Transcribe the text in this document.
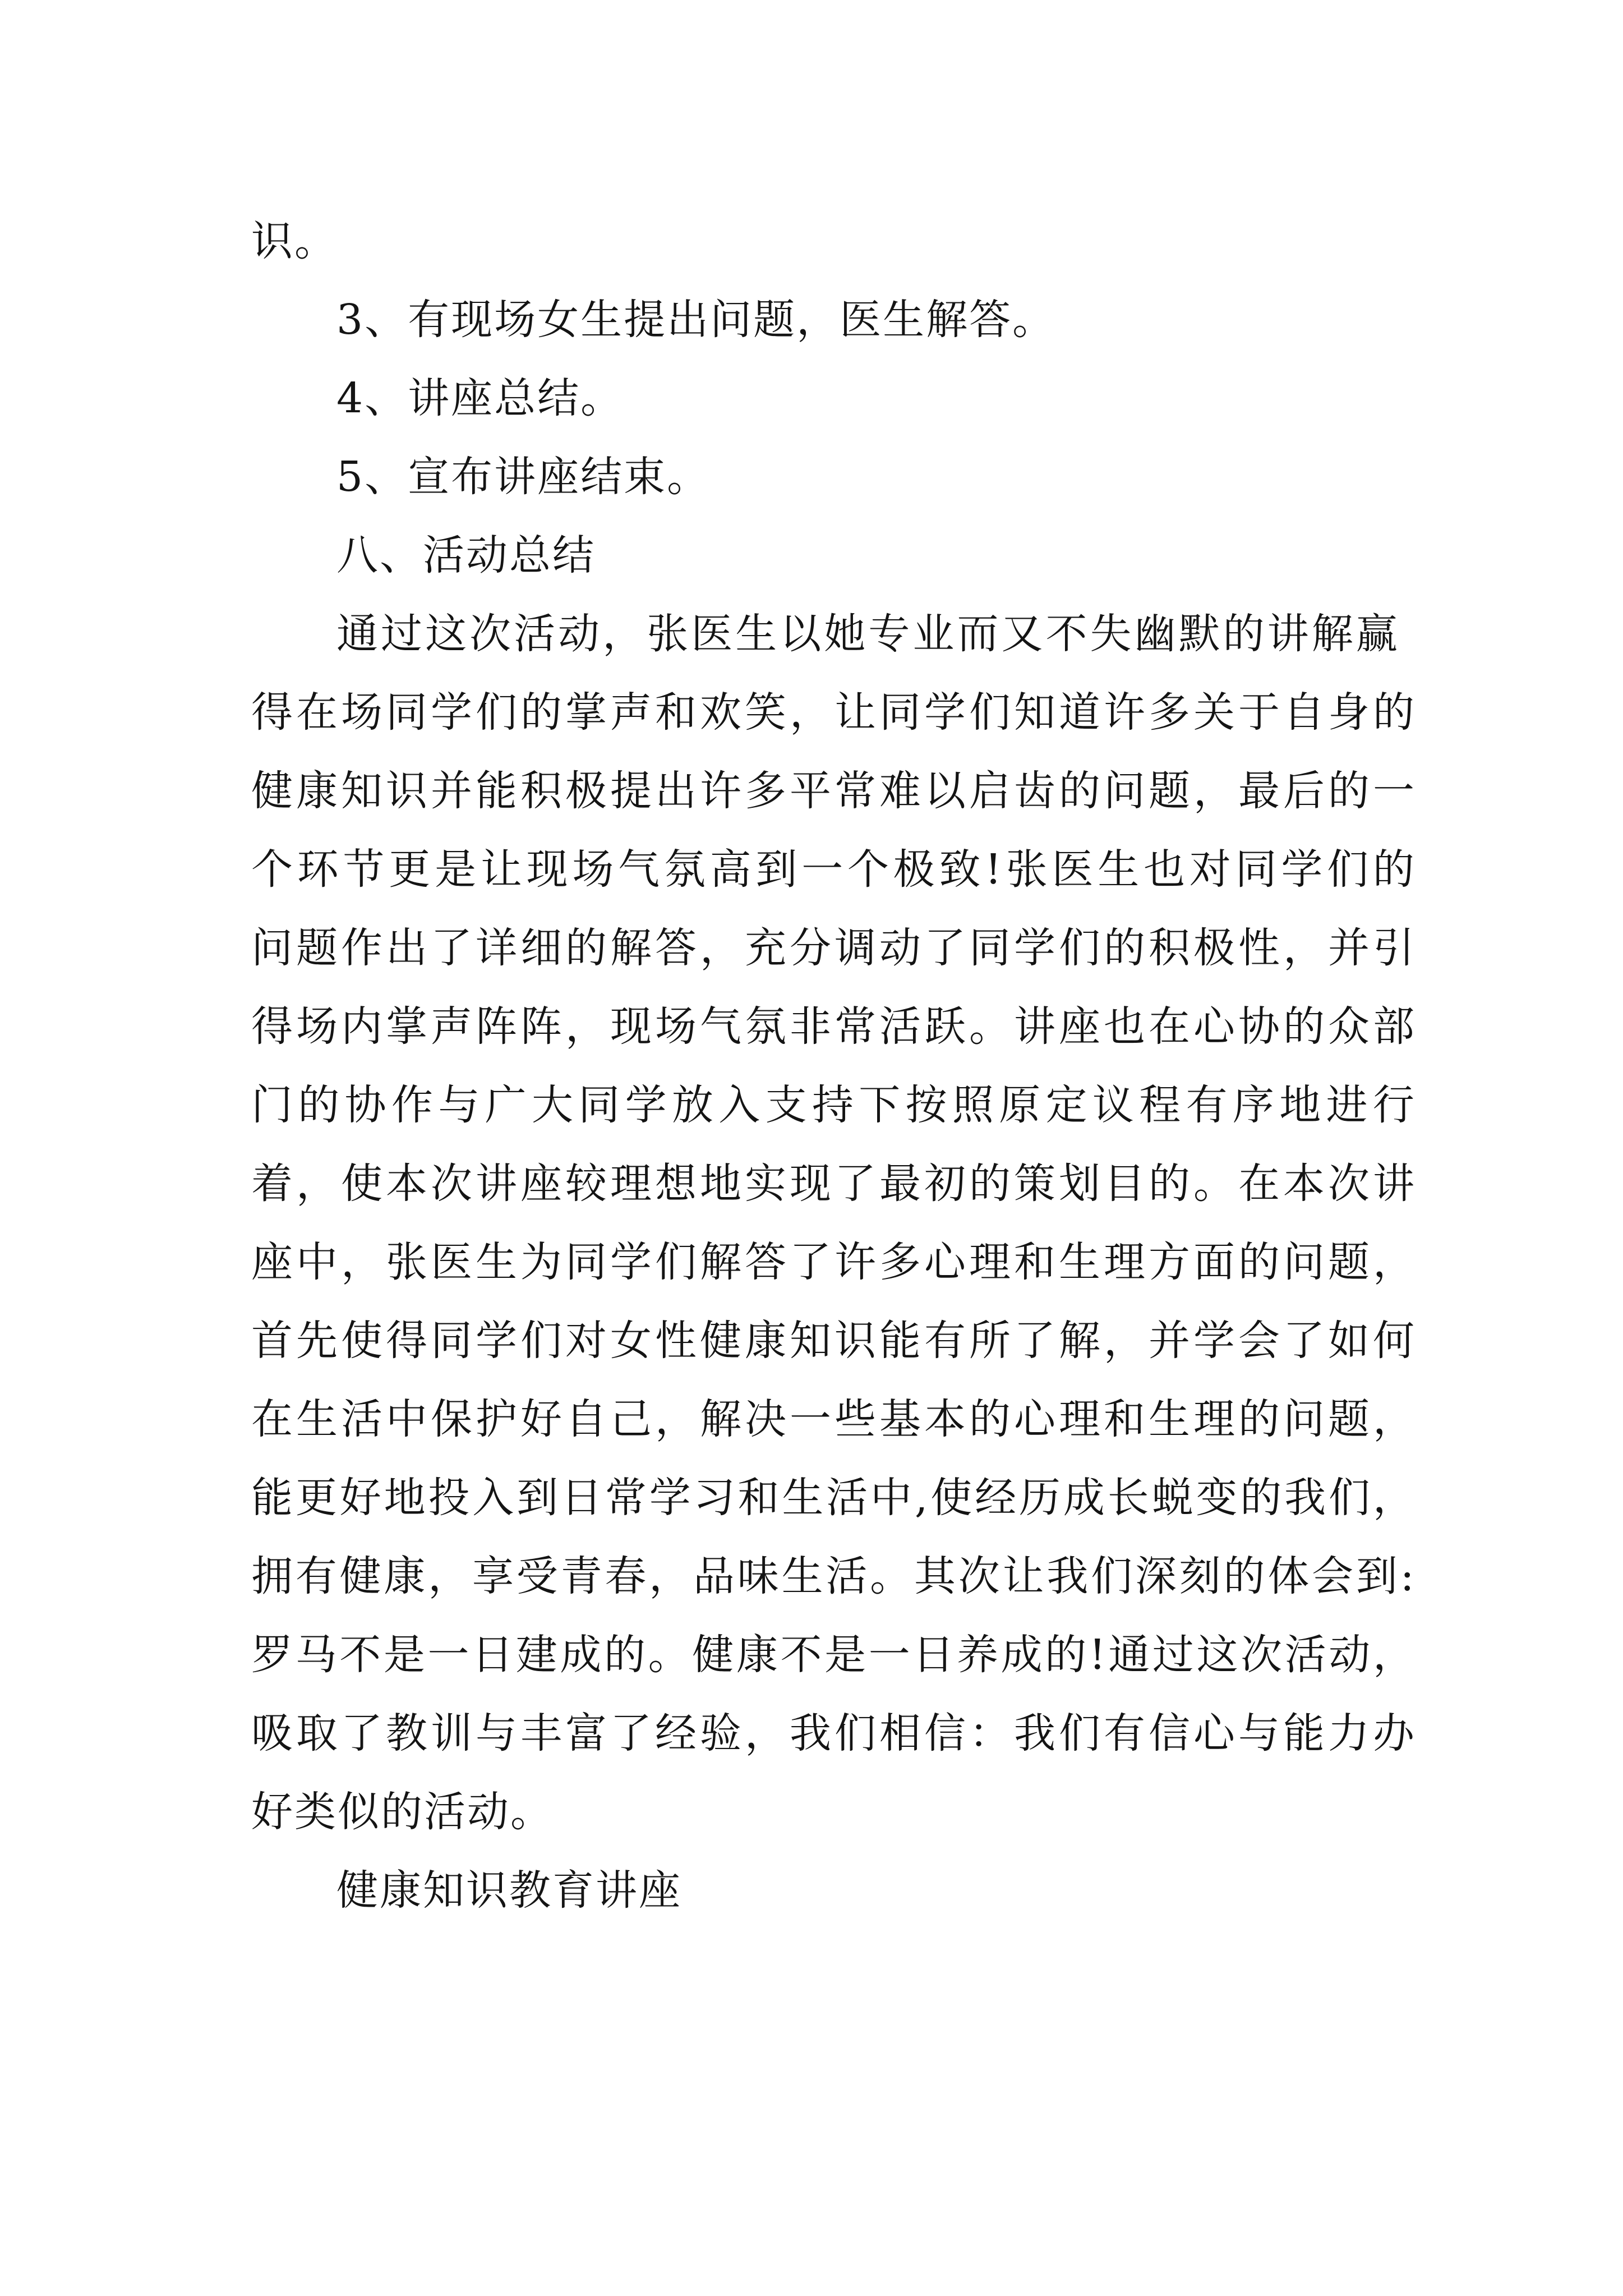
识。
3、有现场女生提出问题，医生解答。
4、讲座总结。
5、宣布讲座结束。
八、活动总结
通 过 这 次 活 动 ， 张 医 生 以 她 专 业 而 又 不 失 幽 默 的 讲 解 赢
得 在 场 同 学 们 的 掌 声 和 欢 笑 ， 让 同 学 们 知 道 许 多 关 于 自 身 的
健 康 知 识 并 能 积 极 提 出 许 多 平 常 难 以 启 齿 的 问 题 ， 最 后 的 一
个 环 节 更 是 让 现 场 气 氛 高 到 一 个 极 致 ! 张 医 生 也 对 同 学 们 的
问 题 作 出 了 详 细 的 解 答 ， 充 分 调 动 了 同 学 们 的 积 极 性 ， 并 引
得 场 内 掌 声 阵 阵 ， 现 场 气 氛 非 常 活 跃 。 讲 座 也 在 心 协 的 众 部
门 的 协 作 与 广 大 同 学 放 入 支 持 下 按 照 原 定 议 程 有 序 地 进 行
着 ， 使 本 次 讲 座 较 理 想 地 实 现 了 最 初 的 策 划 目 的 。 在 本 次 讲
座 中 ， 张 医 生 为 同 学 们 解 答 了 许 多 心 理 和 生 理 方 面 的 问 题 ，
首 先 使 得 同 学 们 对 女 性 健 康 知 识 能 有 所 了 解 ， 并 学 会 了 如 何
在 生 活 中 保 护 好 自 己 ， 解 决 一 些 基 本 的 心 理 和 生 理 的 问 题 ，
能 更 好 地 投 入 到 日 常 学 习 和 生 活 中 , 使 经 历 成 长 蜕 变 的 我 们 ，
拥 有 健 康 ， 享 受 青 春 ， 品 味 生 活 。 其 次 让 我 们 深 刻 的 体 会 到 :
罗 马 不 是 一 日 建 成 的 。 健 康 不 是 一 日 养 成 的 ! 通 过 这 次 活 动 ，
吸 取 了 教 训 与 丰 富 了 经 验 ， 我 们 相 信 ： 我 们 有 信 心 与 能 力 办
好类似的活动。
健康知识教育讲座
